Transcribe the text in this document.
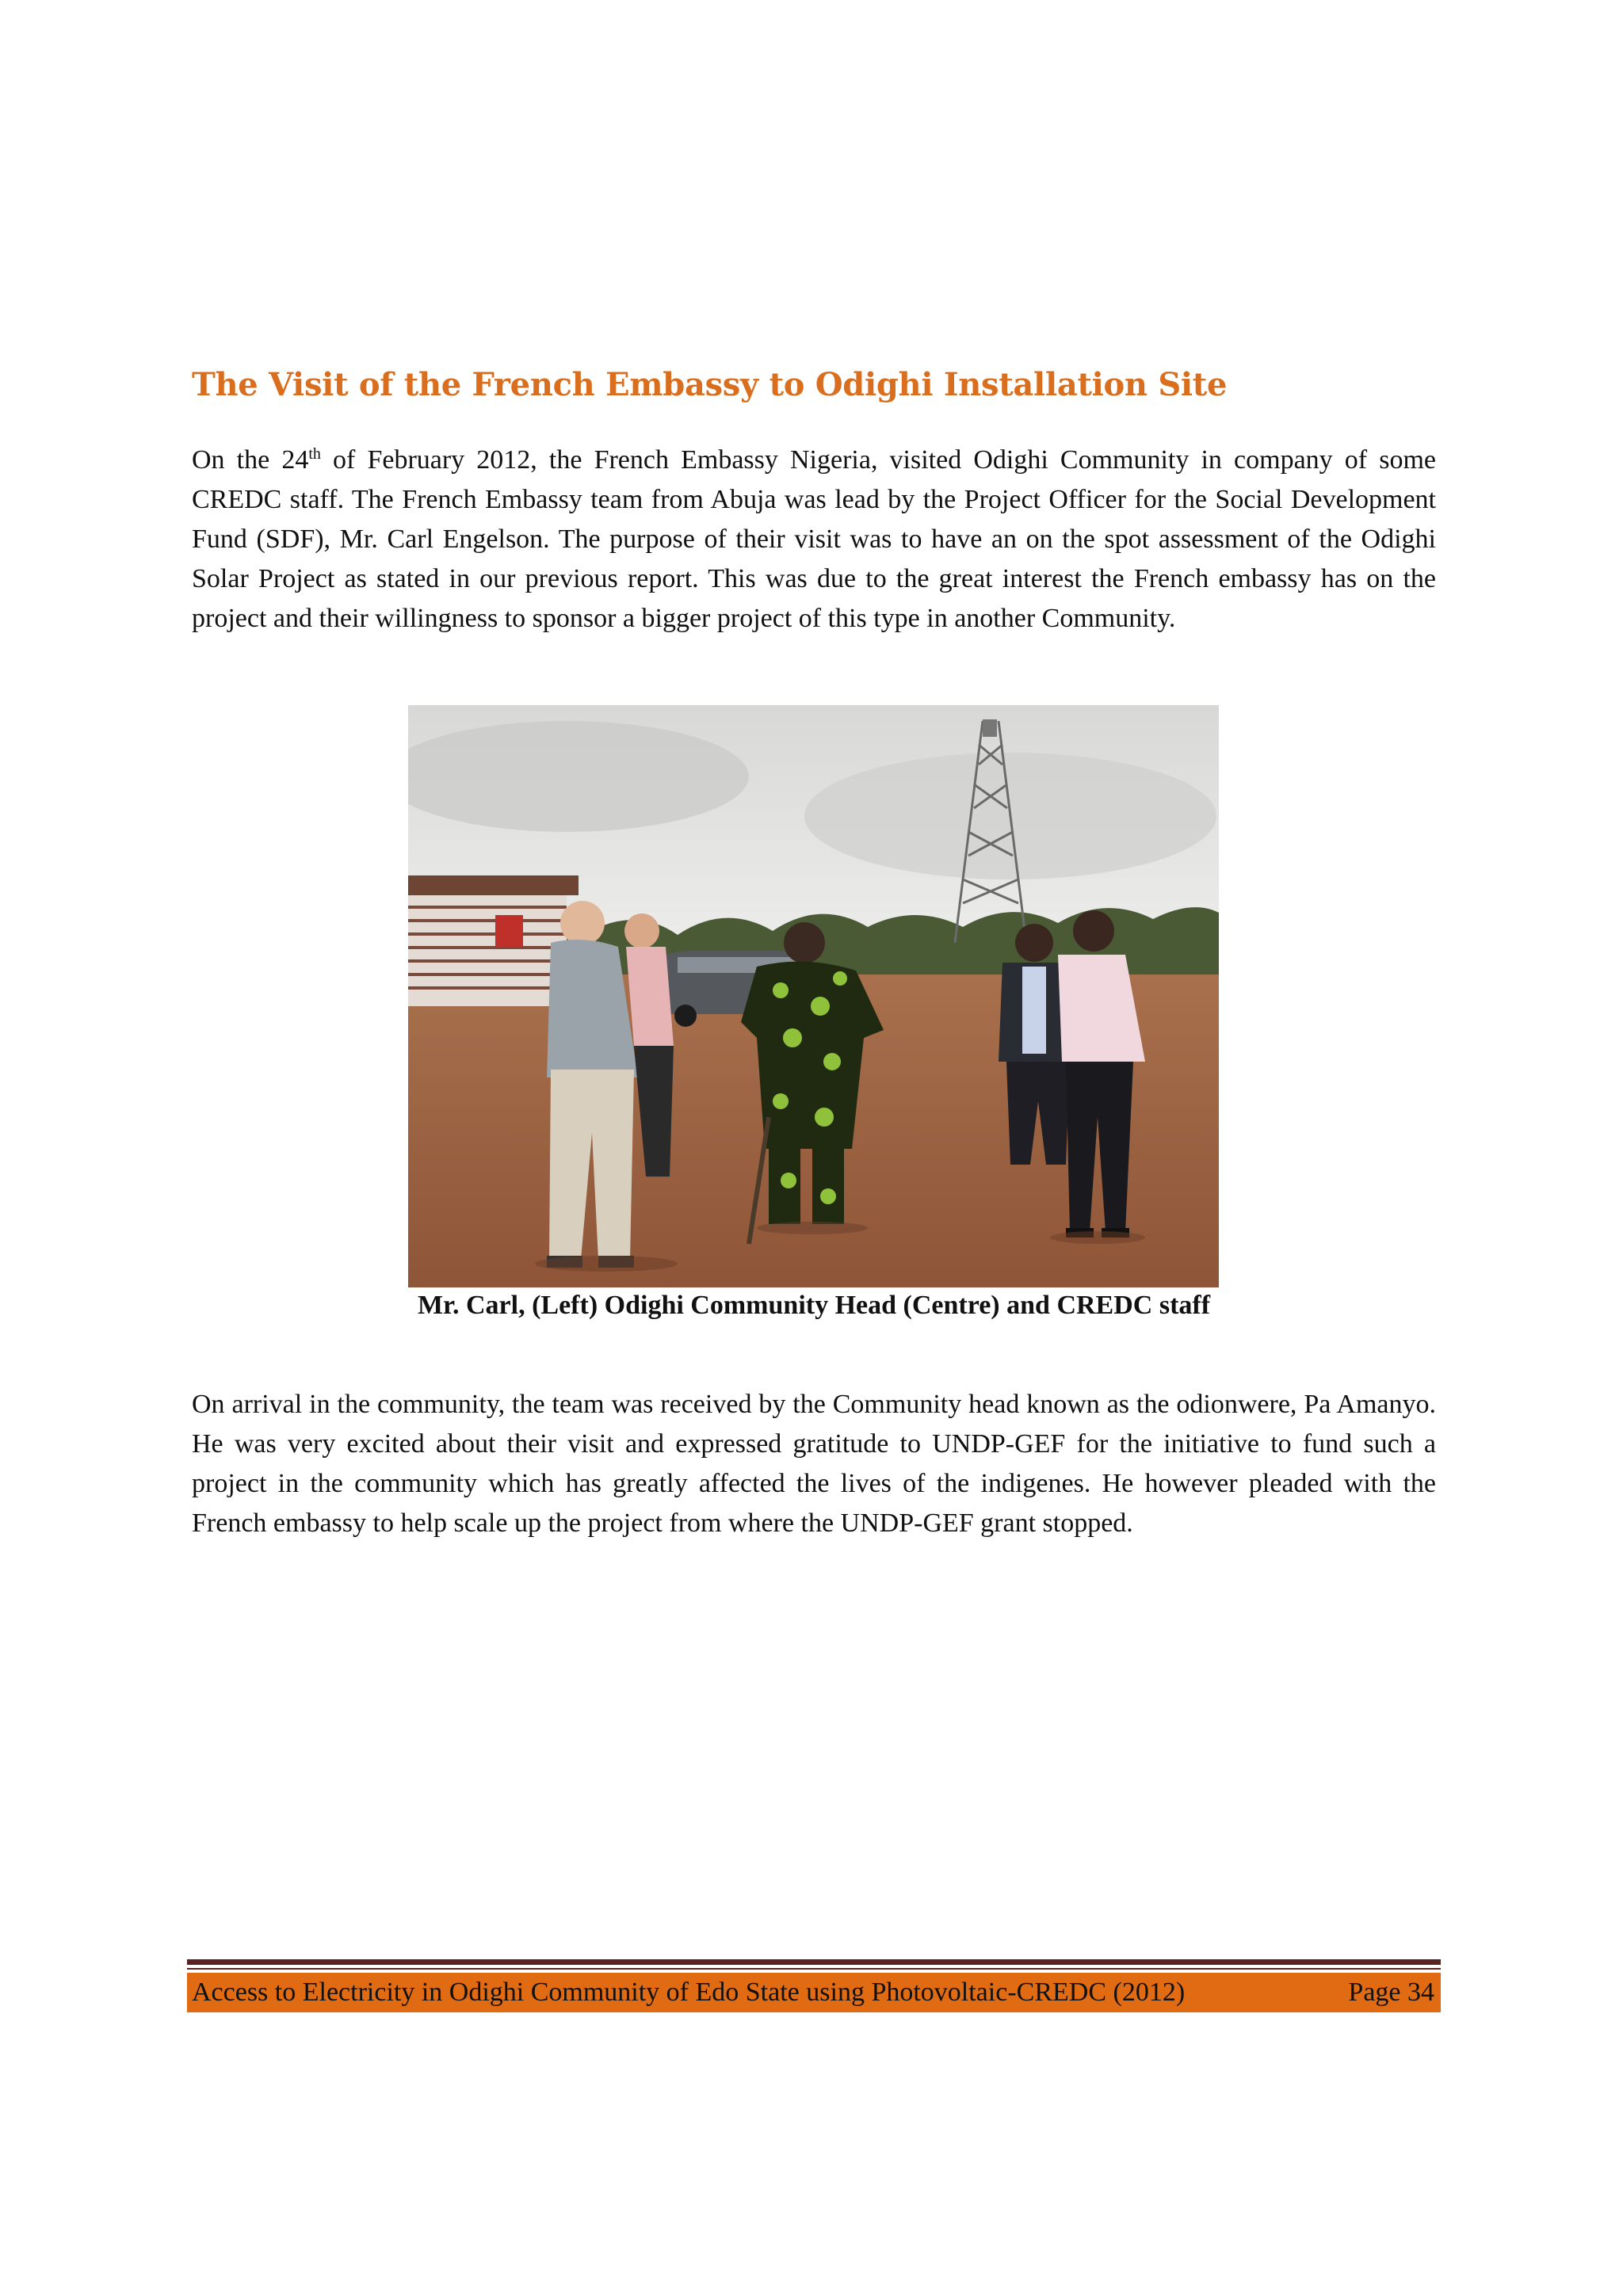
The Visit of the French Embassy to Odighi Installation Site

On the 24th of February 2012, the French Embassy Nigeria, visited Odighi Community in company of some CREDC staff. The French Embassy team from Abuja was lead by the Project Officer for the Social Development Fund (SDF), Mr. Carl Engelson. The purpose of their visit was to have an on the spot assessment of the Odighi Solar Project as stated in our previous report. This was due to the great interest the French embassy has on the project and their willingness to sponsor a bigger project of this type in another Community.

Mr. Carl, (Left) Odighi Community Head (Centre) and CREDC staff

On arrival in the community, the team was received by the Community head known as the odionwere, Pa Amanyo. He was very excited about their visit and expressed gratitude to UNDP-GEF for the initiative to fund such a project in the community which has greatly affected the lives of the indigenes. He however pleaded with the French embassy to help scale up the project from where the UNDP-GEF grant stopped.

Access to Electricity in Odighi Community of Edo State using Photovoltaic-CREDC (2012)	Page 34
